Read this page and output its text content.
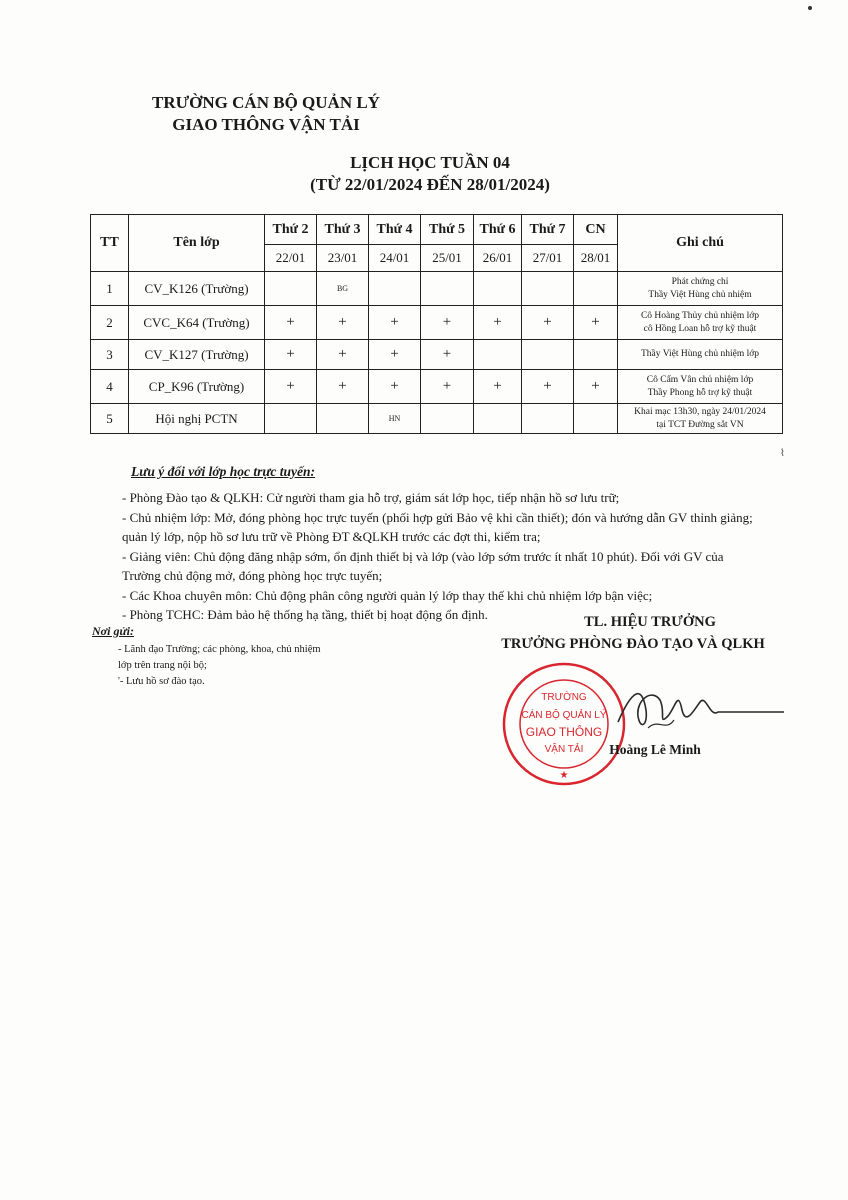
TRƯỜNG CÁN BỘ QUẢN LÝ
GIAO THÔNG VẬN TẢI
LỊCH HỌC TUẦN 04
(TỪ 22/01/2024 ĐẾN 28/01/2024)
TT	Tên lớp	Thứ 2	Thứ 3	Thứ 4	Thứ 5	Thứ 6	Thứ 7	CN	Ghi chú
		22/01	23/01	24/01	25/01	26/01	27/01	28/01	
1	CV_K126 (Trường)		BG						Phát chứng chỉ
Thầy Việt Hùng chủ nhiệm

2	CVC_K64 (Trường)	+	+	+	+	+	+	+	Cô Hoàng Thủy chủ nhiệm lớp
cô Hồng Loan hỗ trợ kỹ thuật

3	CV_K127 (Trường)	+	+	+	+				Thầy Việt Hùng chủ nhiệm lớp

4	CP_K96 (Trường)	+	+	+	+	+	+	+	Cô Cẩm Vân chủ nhiệm lớp
Thầy Phong hỗ trợ kỹ thuật

5	Hội nghị PCTN			HN					Khai mạc 13h30, ngày 24/01/2024
tại TCT Đường sắt VN
⌇
Lưu ý đối với lớp học trực tuyến:
- Phòng Đào tạo & QLKH: Cử người tham gia hỗ trợ, giám sát lớp học, tiếp nhận hồ sơ lưu trữ;
- Chủ nhiệm lớp: Mở, đóng phòng học trực tuyến (phối hợp gửi Bảo vệ khi cần thiết); đón và hướng dẫn GV thỉnh giảng;
quản lý lớp, nộp hồ sơ lưu trữ về Phòng ĐT &QLKH trước các đợt thi, kiểm tra;
- Giảng viên: Chủ động đăng nhập sớm, ổn định thiết bị và lớp (vào lớp sớm trước ít nhất 10 phút). Đối với GV của
Trường chủ động mở, đóng phòng học trực tuyến;
- Các Khoa chuyên môn: Chủ động phân công người quản lý lớp thay thế khi chủ nhiệm lớp bận việc;
- Phòng TCHC: Đảm bảo hệ thống hạ tầng, thiết bị hoạt động ổn định.
Nơi gửi:
- Lãnh đạo Trường; các phòng, khoa, chủ nhiệm
lớp trên trang nội bộ;
'- Lưu hồ sơ đào tạo.
TL. HIỆU TRƯỞNG
TRƯỞNG PHÒNG ĐÀO TẠO VÀ QLKH
TRƯỜNG
CÁN BỘ QUẢN LÝ
GIAO THÔNG
VẬN TẢI
★
Hoàng Lê Minh
